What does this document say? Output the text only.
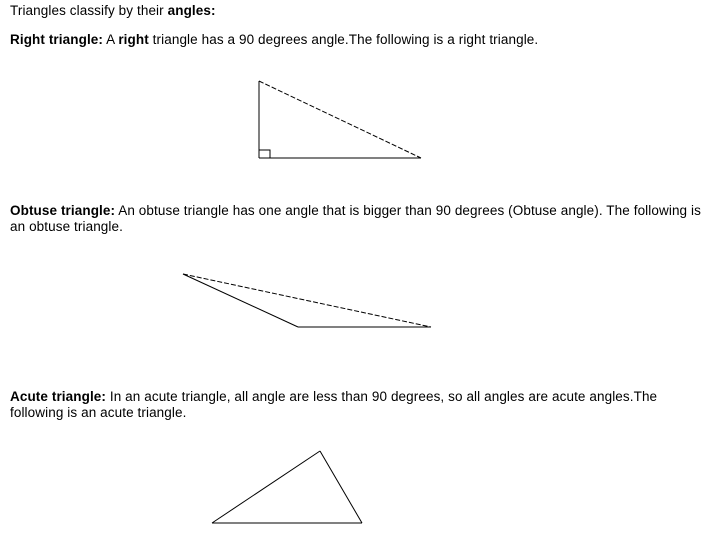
Triangles classify by their angles:
Right triangle: A right triangle has a 90 degrees angle.The following is a right triangle.
Obtuse triangle: An obtuse triangle has one angle that is bigger than 90 degrees (Obtuse angle). The following is an obtuse triangle.
Acute triangle: In an acute triangle, all angle are less than 90 degrees, so all angles are acute angles.The following is an acute triangle.
